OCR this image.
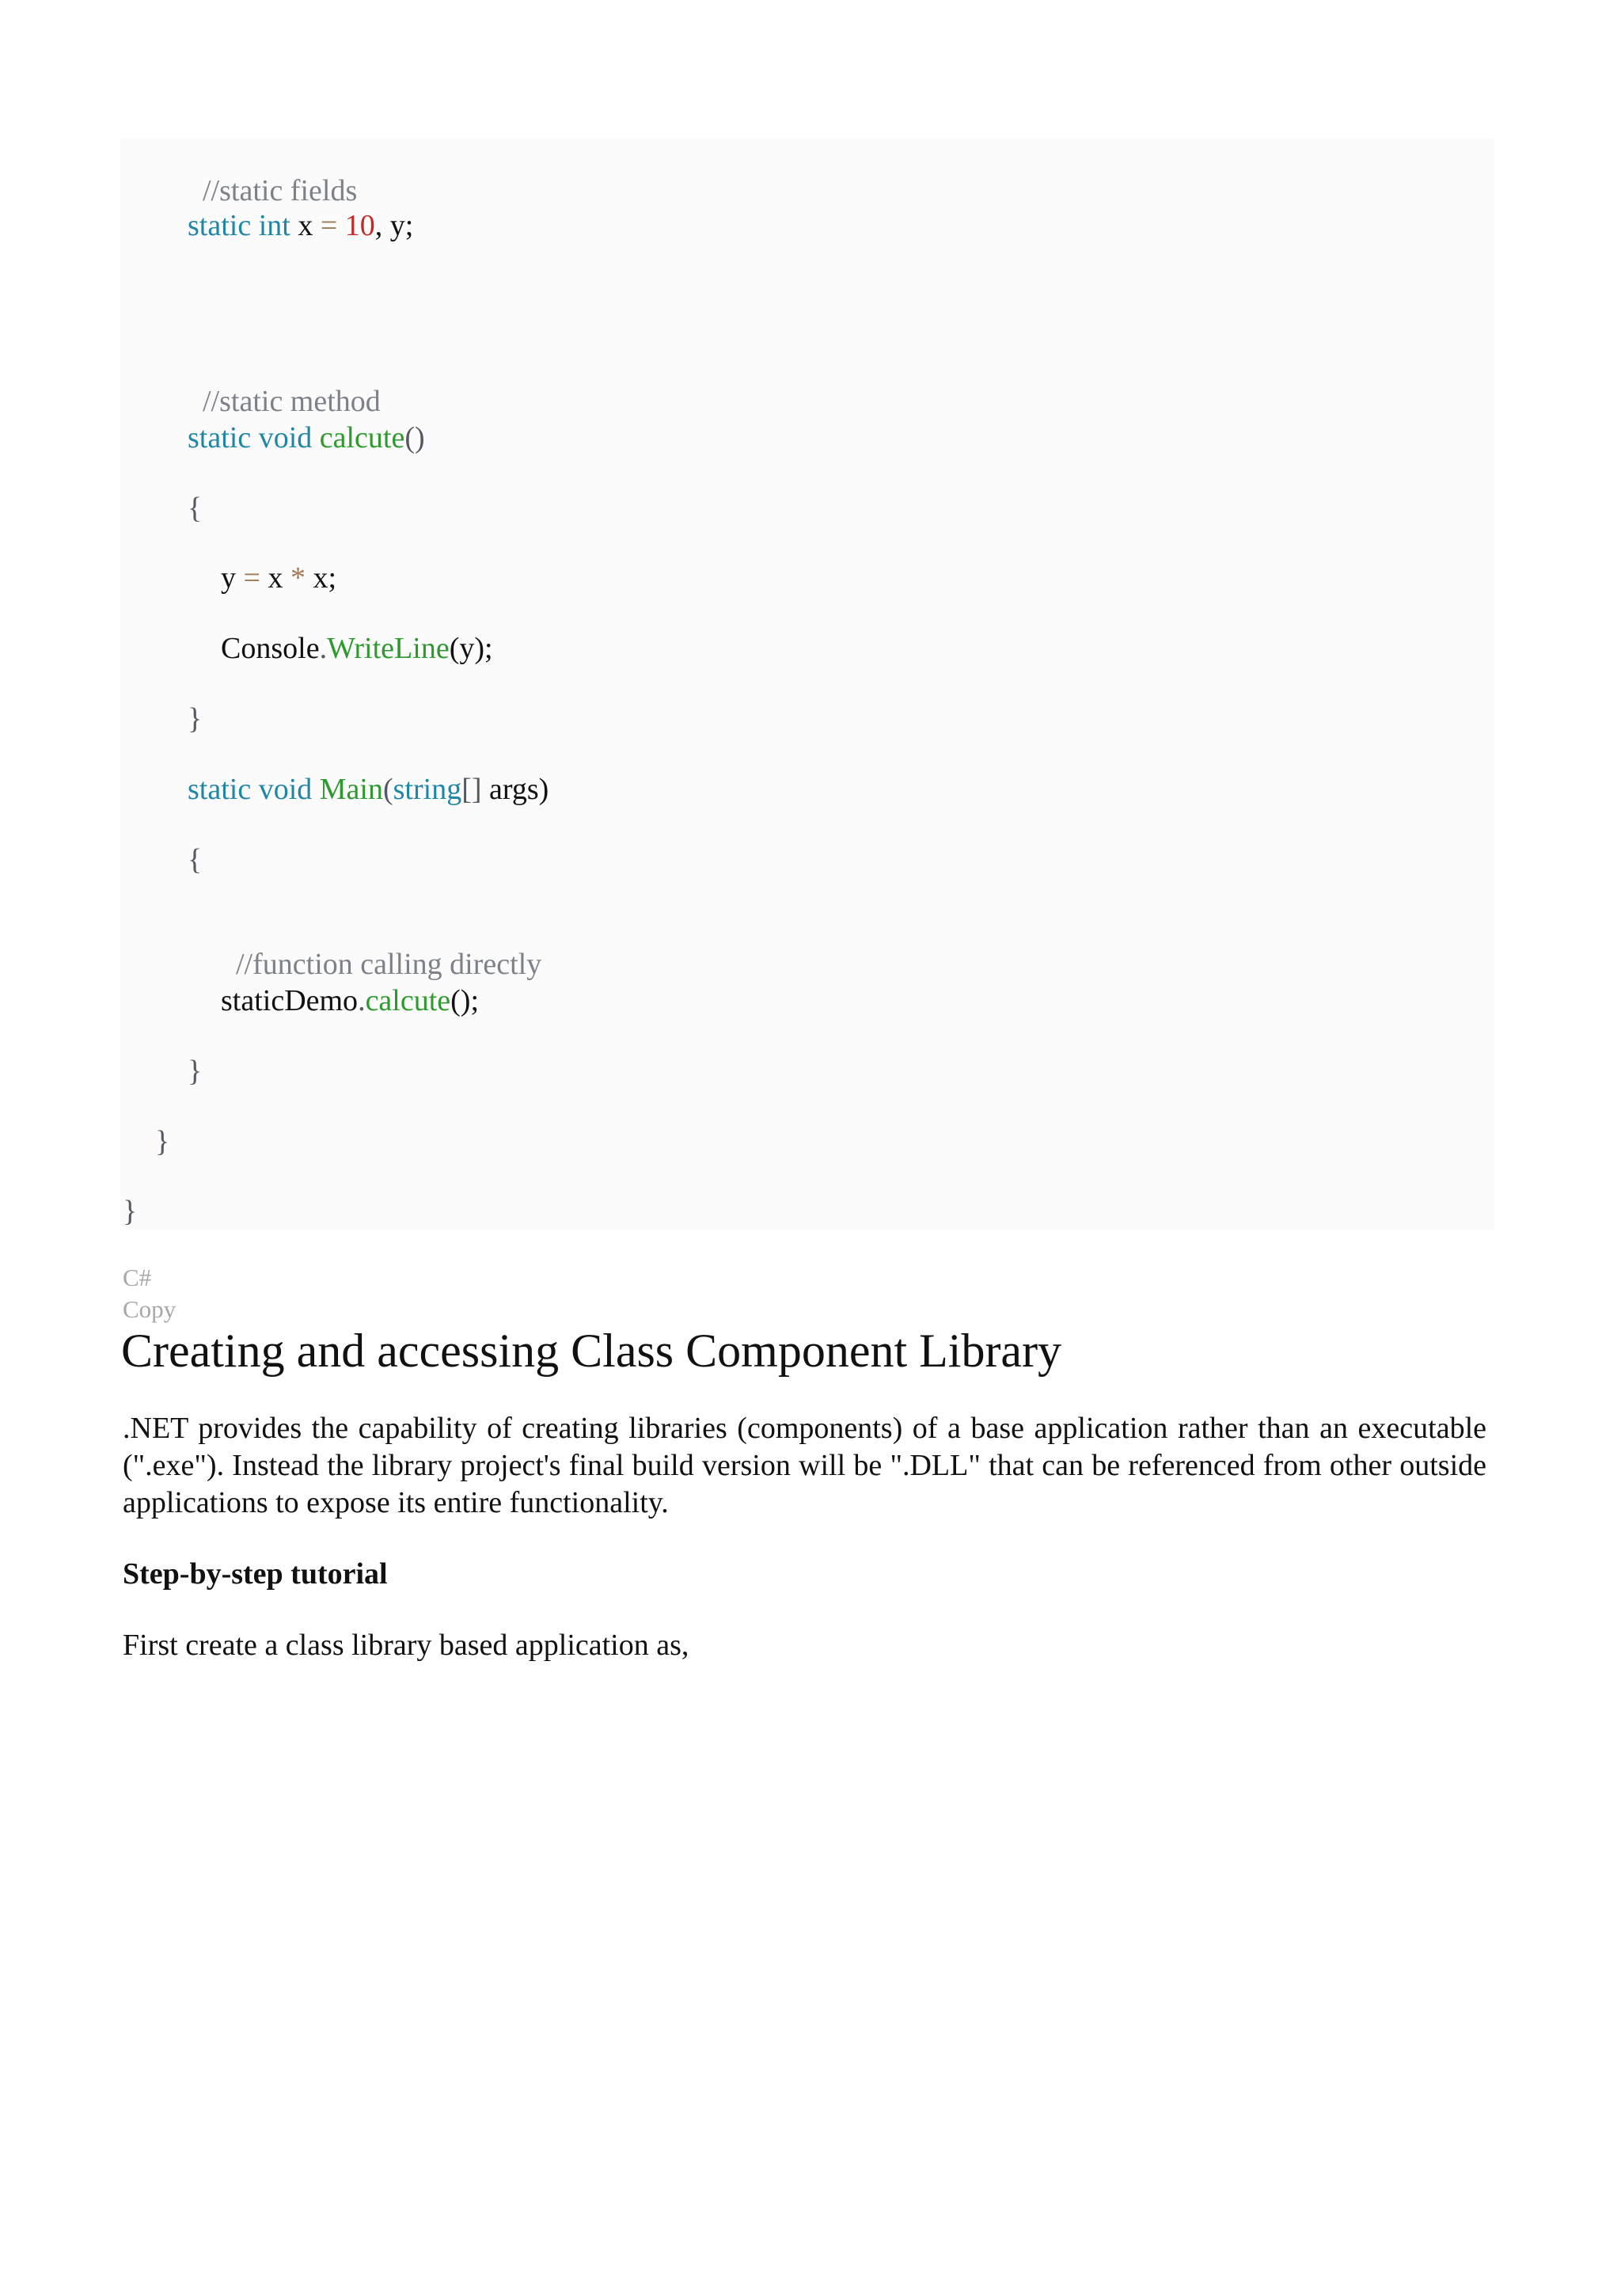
//static fields

static int x = 10, y;

//static method

static void calcute()
{
y = x * x;
Console.WriteLine(y);
}
static void Main(string[] args)
{

//function calling directly

staticDemo.calcute();
}
}
}
C#
Copy
Creating and accessing Class Component Library

.NET provides the capability of creating libraries (components) of a base application rather than an executable (".exe"). Instead the library project's final build version will be ".DLL" that can be referenced from other outside applications to expose its entire functionality.

Step-by-step tutorial

First create a class library based application as,
